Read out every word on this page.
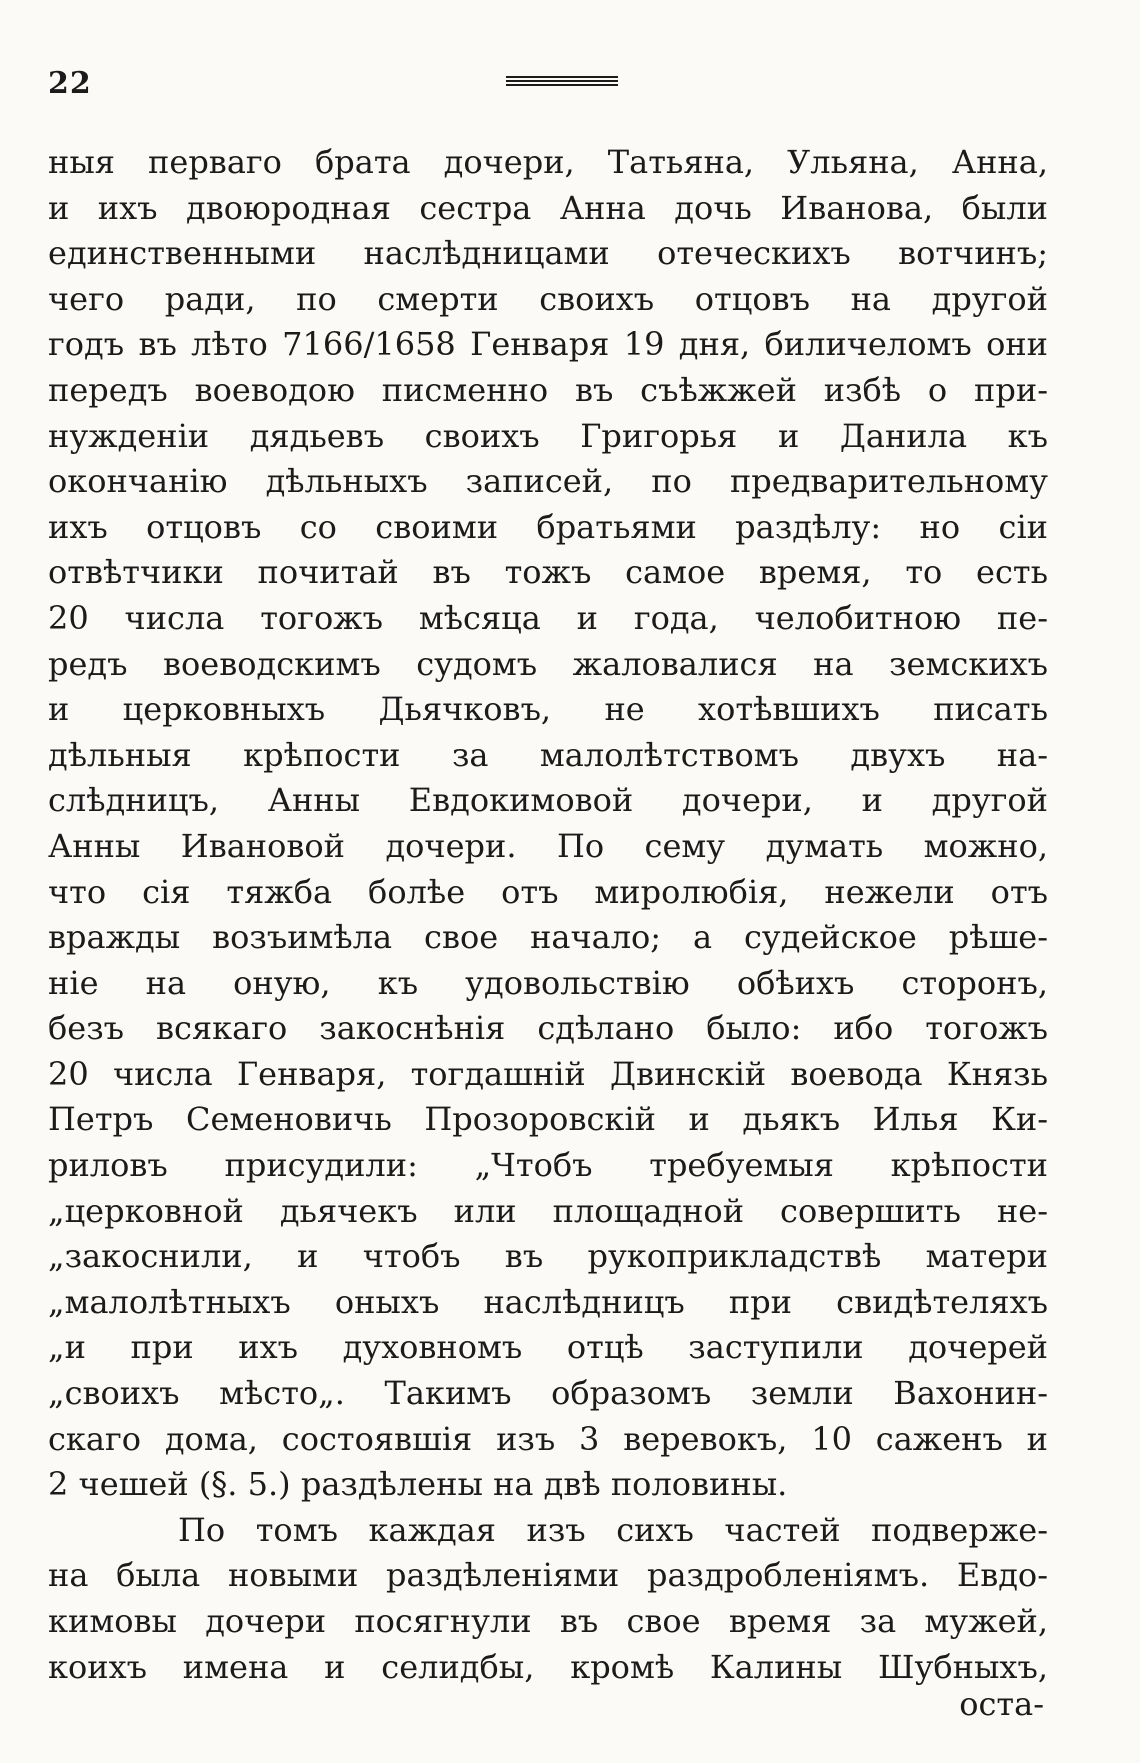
22
ныя перваго брата дочери, Татьяна, Ульяна, Анна,
и ихъ двоюродная сестра Анна дочь Иванова, были
единственными наслѣдницами отеческихъ вотчинъ;
чего ради, по смерти своихъ отцовъ на другой
годъ въ лѣто 7166/1658 Генваря 19 дня, биличеломъ они
передъ воеводою писменно въ съѣжжей избѣ о при-
нужденiи дядьевъ своихъ Григорья и Данила къ
окончанiю дѣльныхъ записей, по предварительному
ихъ отцовъ со своими братьями раздѣлу: но сiи
отвѣтчики почитай въ тожъ самое время, то есть
20 числа тогожъ мѣсяца и года, челобитною пе-
редъ воеводскимъ судомъ жаловалися на земскихъ
и церковныхъ Дьячковъ, не хотѣвшихъ писать
дѣльныя крѣпости за малолѣтствомъ двухъ на-
слѣдницъ, Анны Евдокимовой дочери, и другой
Анны Ивановой дочери. По сему думать можно,
что сiя тяжба болѣе отъ миролюбiя, нежели отъ
вражды возъимѣла свое начало; а судейское рѣше-
нiе на оную, къ удовольствiю обѣихъ сторонъ,
безъ всякаго закоснѣнiя сдѣлано было: ибо тогожъ
20 числа Генваря, тогдашнiй Двинскiй воевода Князь
Петръ Семеновичь Прозоровскiй и дьякъ Илья Ки-
риловъ присудили: „Чтобъ требуемыя крѣпости
„церковной дьячекъ или площадной совершить не-
„закоснили, и чтобъ въ рукоприкладствѣ матери
„малолѣтныхъ оныхъ наслѣдницъ при свидѣтеляхъ
„и при ихъ духовномъ отцѣ заступили дочерей
„своихъ мѣсто„. Такимъ образомъ земли Вахонин-
скаго дома, состоявшiя изъ 3 веревокъ, 10 саженъ и
2 чешей (§. 5.) раздѣлены на двѣ половины.
По томъ каждая изъ сихъ частей подверже-
на была новыми раздѣленiями раздробленiямъ. Евдо-
кимовы дочери посягнули въ свое время за мужей,
коихъ имена и селидбы, кромѣ Калины Шубныхъ,
оста-
